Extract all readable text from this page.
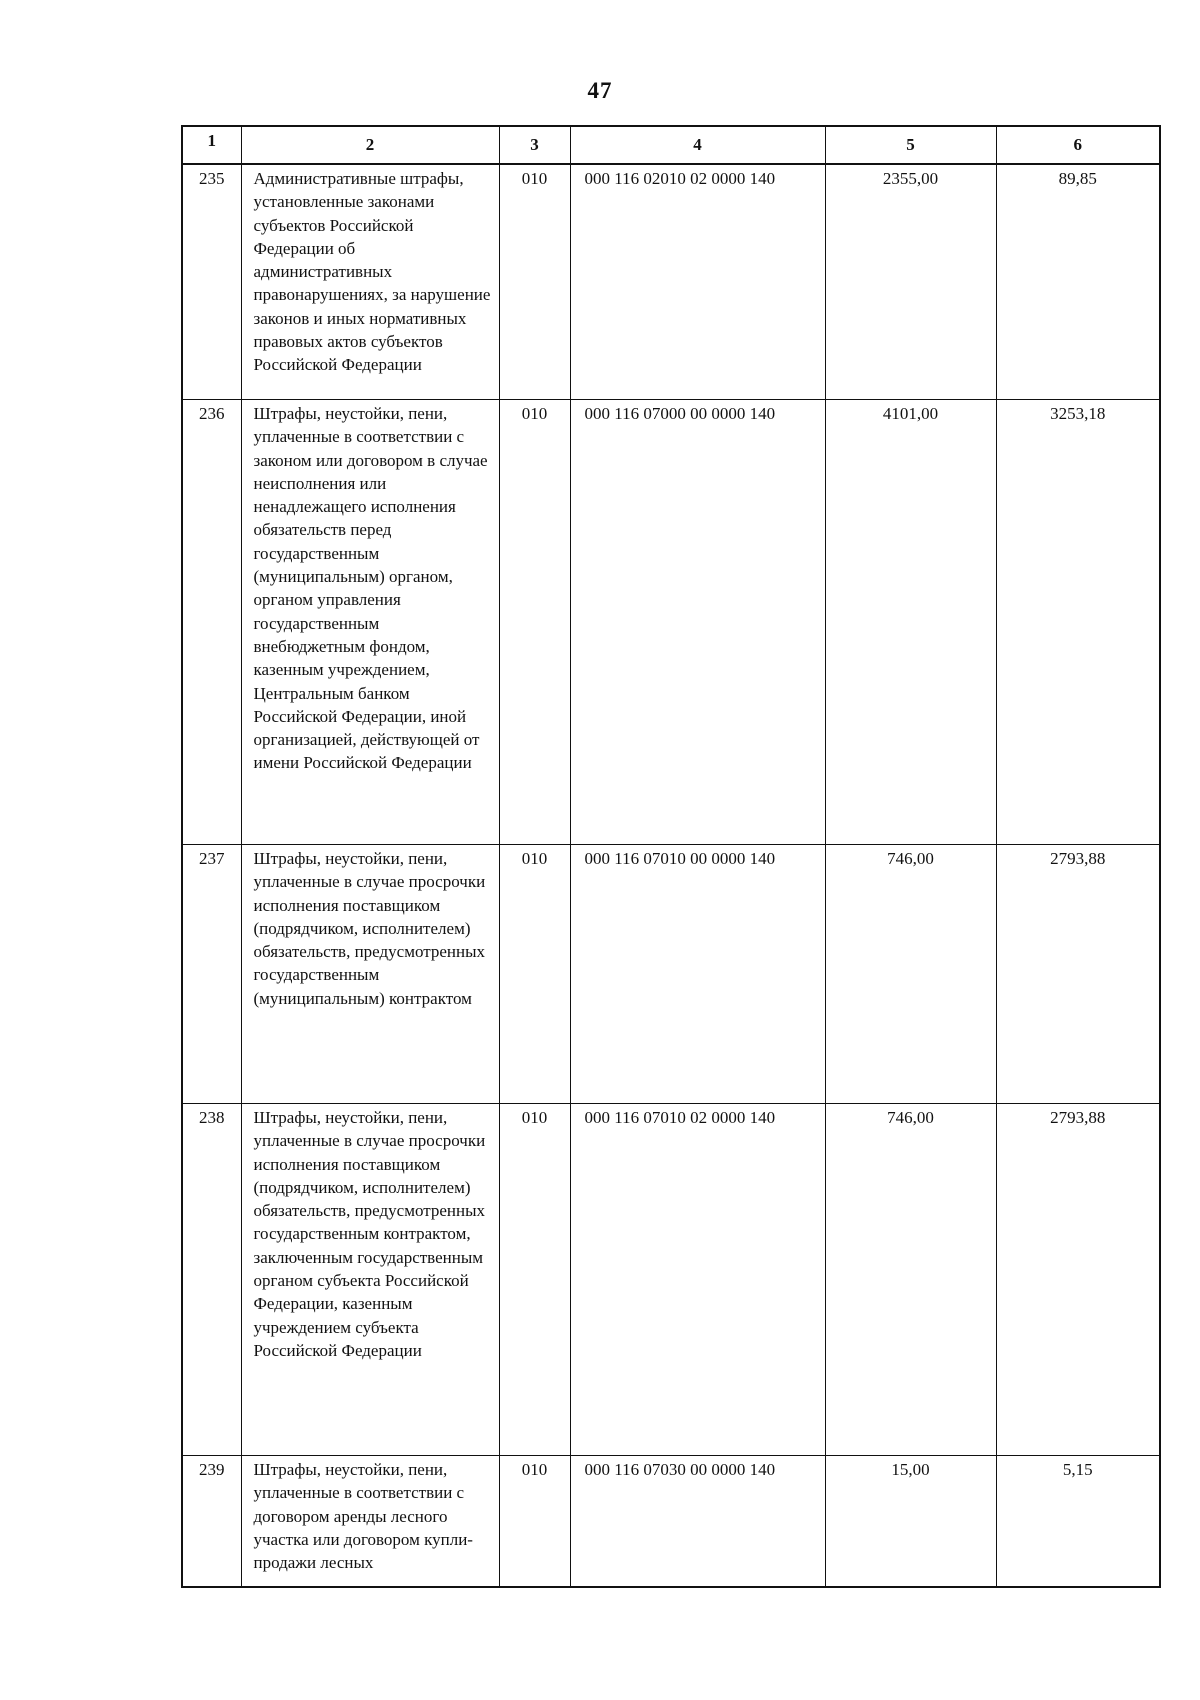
47
1	2	3	4	5	6
235	Административные штрафы, установленные законами субъектов Российской Федерации об административных правонарушениях, за нарушение законов и иных нормативных правовых актов субъектов Российской Федерации	010	000 116 02010 02 0000 140	2355,00	89,85
236	Штрафы, неустойки, пени, уплаченные в соответствии с законом или договором в случае неисполнения или ненадлежащего исполнения обязательств перед государственным (муниципальным) органом, органом управления государственным внебюджетным фондом, казенным учреждением, Центральным банком Российской Федерации, иной организацией, действующей от имени Российской Федерации	010	000 116 07000 00 0000 140	4101,00	3253,18
237	Штрафы, неустойки, пени, уплаченные в случае просрочки исполнения поставщиком (подрядчиком, исполнителем) обязательств, предусмотренных государственным (муниципальным) контрактом	010	000 116 07010 00 0000 140	746,00	2793,88
238	Штрафы, неустойки, пени, уплаченные в случае просрочки исполнения поставщиком (подрядчиком, исполнителем) обязательств, предусмотренных государственным контрактом, заключенным государственным органом субъекта Российской Федерации, казенным учреждением субъекта Российской Федерации	010	000 116 07010 02 0000 140	746,00	2793,88
239	Штрафы, неустойки, пени, уплаченные в соответствии с договором аренды лесного участка или договором купли-продажи лесных	010	000 116 07030 00 0000 140	15,00	5,15
